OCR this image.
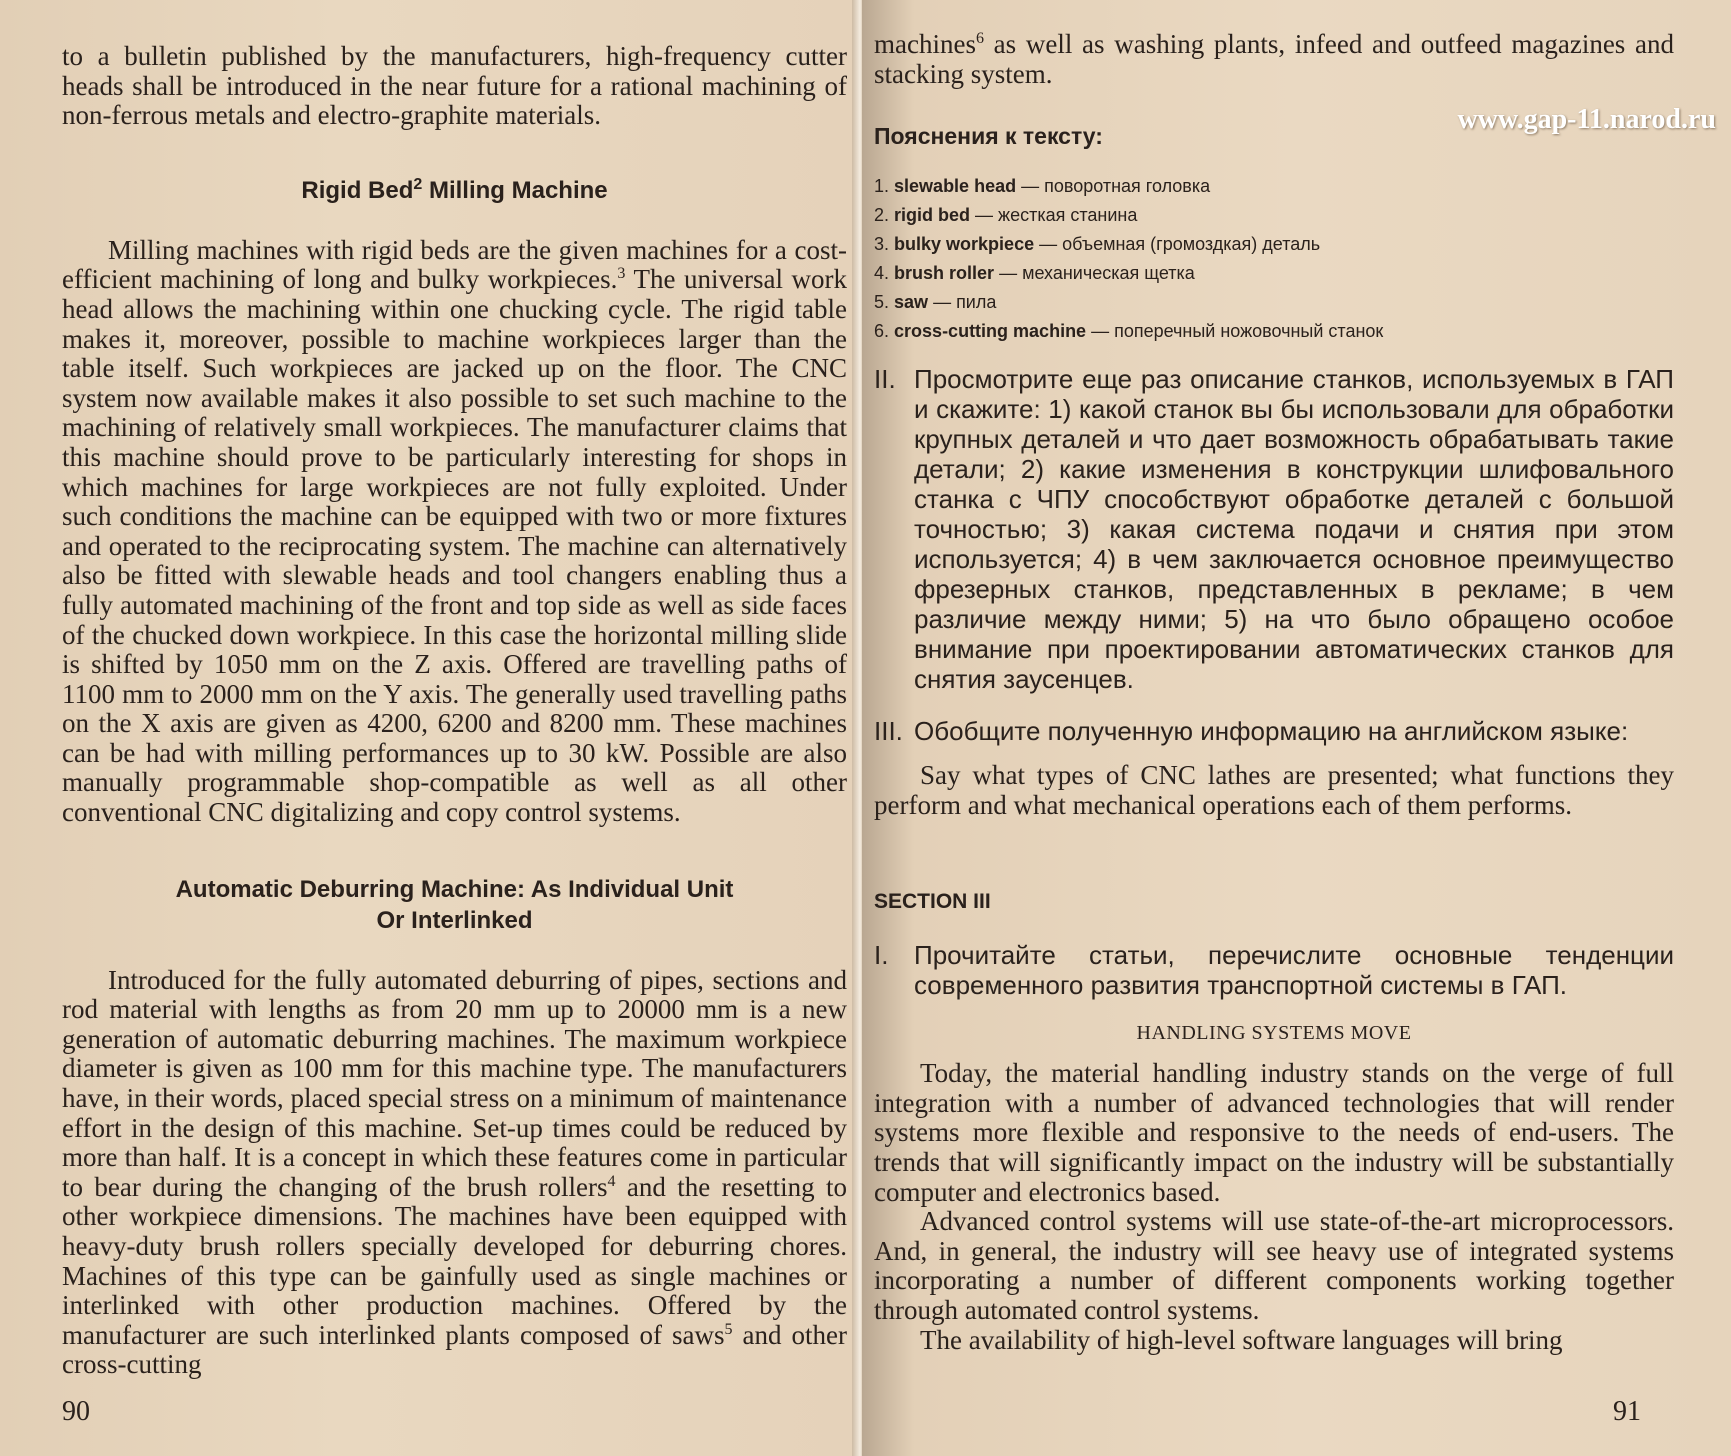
to a bulletin published by the manufacturers, high-frequency cutter heads shall be introduced in the near future for a rational machining of non-ferrous metals and electro-graphite materials.

Rigid Bed$^2$ Milling Machine

Milling machines with rigid beds are the given machines for a cost-efficient machining of long and bulky workpieces.$^3$ The universal work head allows the machining within one chucking cycle. The rigid table makes it, moreover, possible to machine workpieces larger than the table itself. Such workpieces are jacked up on the floor. The CNC system now available makes it also possible to set such machine to the machining of relatively small workpieces. The manufacturer claims that this machine should prove to be particularly interesting for shops in which machines for large workpieces are not fully exploited. Under such conditions the machine can be equipped with two or more fixtures and operated to the reciprocating system. The machine can alternatively also be fitted with slewable heads and tool changers enabling thus a fully automated machining of the front and top side as well as side faces of the chucked down workpiece. In this case the horizontal milling slide is shifted by 1050 mm on the Z axis. Offered are travelling paths of 1100 mm to 2000 mm on the Y axis. The generally used travelling paths on the X axis are given as 4200, 6200 and 8200 mm. These machines can be had with milling performances up to 30 kW. Possible are also manually programmable shop-compatible as well as all other conventional CNC digitalizing and copy control systems.

Automatic Deburring Machine: As Individual Unit
Or Interlinked

Introduced for the fully automated deburring of pipes, sections and rod material with lengths as from 20 mm up to 20000 mm is a new generation of automatic deburring machines. The maximum workpiece diameter is given as 100 mm for this machine type. The manufacturers have, in their words, placed special stress on a minimum of maintenance effort in the design of this machine. Set-up times could be reduced by more than half. It is a concept in which these features come in particular to bear during the changing of the brush rollers$^4$ and the resetting to other workpiece dimensions. The machines have been equipped with heavy-duty brush rollers specially developed for deburring chores. Machines of this type can be gainfully used as single machines or interlinked with other production machines. Offered by the manufacturer are such interlinked plants composed of saws$^5$ and other cross-cutting

90
www.gap-11.narod.ru

machines$^6$ as well as washing plants, infeed and outfeed magazines and stacking system.

Пояснения к тексту:

1. slewable head — поворотная головка

2. rigid bed — жесткая станина

3. bulky workpiece — объемная (громоздкая) деталь

4. brush roller — механическая щетка

5. saw — пила

6. cross-cutting machine — поперечный ножовочный станок

II. Просмотрите еще раз описание станков, используемых в ГАП и скажите: 1) какой станок вы бы использовали для обработки крупных деталей и что дает возможность обрабатывать такие детали; 2) какие изменения в конструкции шлифовального станка с ЧПУ способствуют обработке деталей с большой точностью; 3) какая система подачи и снятия при этом используется; 4) в чем заключается основное преимущество фрезерных станков, представленных в рекламе; в чем различие между ними; 5) на что было обращено особое внимание при проектировании автоматических станков для снятия заусенцев.

III. Обобщите полученную информацию на английском языке:

Say what types of CNC lathes are presented; what functions they perform and what mechanical operations each of them performs.

SECTION III

I. Прочитайте статьи, перечислите основные тенденции современного развития транспортной системы в ГАП.

HANDLING SYSTEMS MOVE

Today, the material handling industry stands on the verge of full integration with a number of advanced technologies that will render systems more flexible and responsive to the needs of end-users. The trends that will significantly impact on the industry will be substantially computer and electronics based.

Advanced control systems will use state-of-the-art microprocessors. And, in general, the industry will see heavy use of integrated systems incorporating a number of different components working together through automated control systems.

The availability of high-level software languages will bring

91
